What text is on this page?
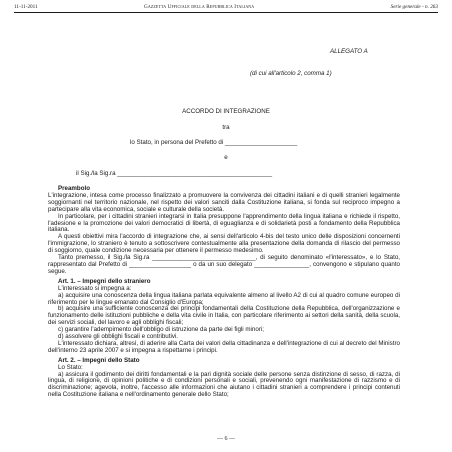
11-11-2011	Gazzetta Ufficiale della Repubblica Italiana	Serie generale - n. 263
ALLEGATO A
(di cui all'articolo 2, comma 1)
ACCORDO DI INTEGRAZIONE
tra
lo Stato, in persona del Prefetto di _____________________
e
il Sig./la Sig.ra _____________________________________________

Preambolo

L'integrazione, intesa come processo finalizzato a promuovere la convivenza dei cittadini italiani e di quelli stranieri legalmente soggiornanti nel territorio nazionale, nel rispetto dei valori sanciti dalla Costituzione italiana, si fonda sul reciproco impegno a partecipare alla vita economica, sociale e culturale della società.

In particolare, per i cittadini stranieri integrarsi in Italia presuppone l'apprendimento della lingua italiana e richiede il rispetto, l'adesione e la promozione dei valori democratici di libertà, di eguaglianza e di solidarietà posti a fondamento della Repubblica italiana.

A questi obiettivi mira l'accordo di integrazione che, ai sensi dell'articolo 4-bis del testo unico delle disposizioni concernenti l'immigrazione, lo straniero è tenuto a sottoscrivere contestualmente alla presentazione della domanda di rilascio del permesso di soggiorno, quale condizione necessaria per ottenere il permesso medesimo.

Tanto premesso, il Sig./la Sig.ra ______________________________, di seguito denominato «l'interessato», e lo Stato, rappresentato dal Prefetto di __________________ o da un suo delegato ________________, convengono e stipulano quanto segue.

Art. 1. – Impegni dello straniero

L'interessato si impegna a:

a) acquisire una conoscenza della lingua italiana parlata equivalente almeno al livello A2 di cui al quadro comune europeo di riferimento per le lingue emanato dal Consiglio d'Europa;

b) acquisire una sufficiente conoscenza dei principi fondamentali della Costituzione della Repubblica, dell'organizzazione e funzionamento delle istituzioni pubbliche e della vita civile in Italia, con particolare riferimento ai settori della sanità, della scuola, dei servizi sociali, del lavoro e agli obblighi fiscali;

c) garantire l'adempimento dell'obbligo di istruzione da parte dei figli minori;

d) assolvere gli obblighi fiscali e contributivi.

L'interessato dichiara, altresì, di aderire alla Carta dei valori della cittadinanza e dell'integrazione di cui al decreto del Ministro dell'interno 23 aprile 2007 e si impegna a rispettarne i principi.

Art. 2. – Impegni dello Stato

Lo Stato:

a) assicura il godimento dei diritti fondamentali e la pari dignità sociale delle persone senza distinzione di sesso, di razza, di lingua, di religione, di opinioni politiche e di condizioni personali e sociali, prevenendo ogni manifestazione di razzismo e di discriminazione; agevola, inoltre, l'accesso alle informazioni che aiutano i cittadini stranieri a comprendere i principi contenuti nella Costituzione italiana e nell'ordinamento generale dello Stato;

— 6 —
